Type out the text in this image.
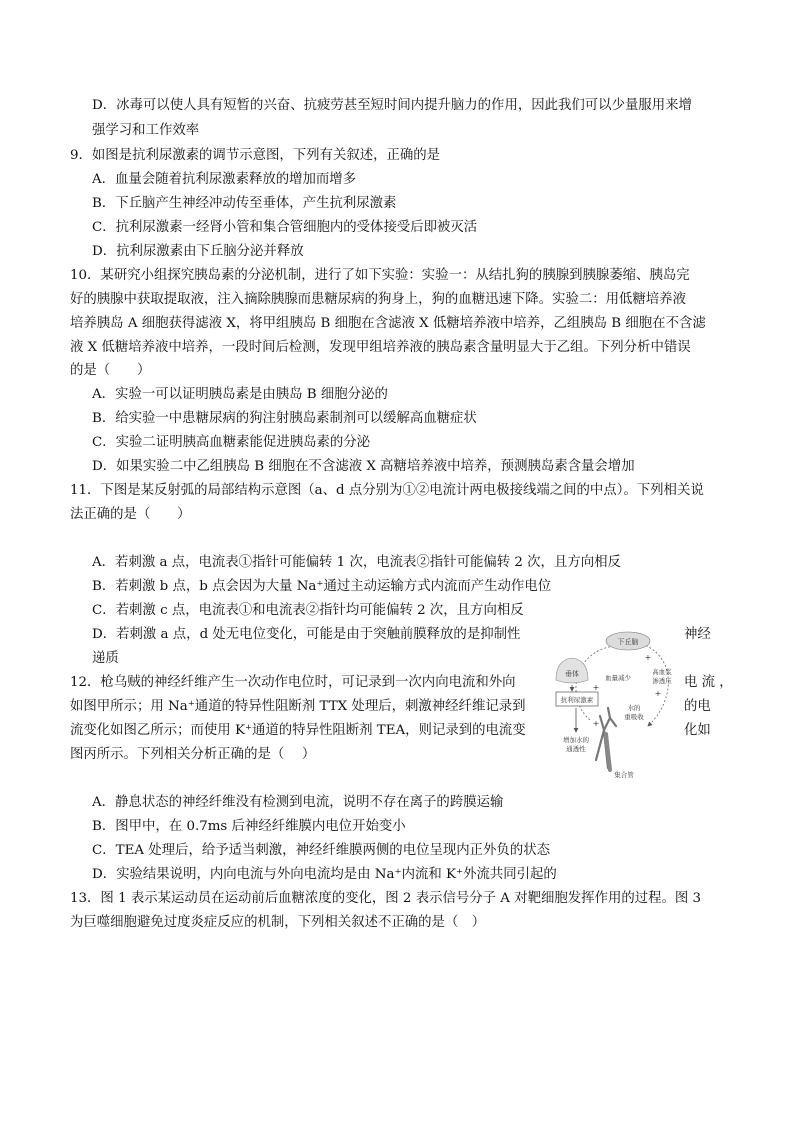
D．冰毒可以使人具有短暂的兴奋、抗疲劳甚至短时间内提升脑力的作用，因此我们可以少量服用来增

强学习和工作效率

9．如图是抗利尿激素的调节示意图，下列有关叙述，正确的是

A．血量会随着抗利尿激素释放的增加而增多

B．下丘脑产生神经冲动传至垂体，产生抗利尿激素

C．抗利尿激素一经肾小管和集合管细胞内的受体接受后即被灭活

D．抗利尿激素由下丘脑分泌并释放

10．某研究小组探究胰岛素的分泌机制，进行了如下实验：实验一：从结扎狗的胰腺到胰腺萎缩、胰岛完

好的胰腺中获取提取液，注入摘除胰腺而患糖尿病的狗身上，狗的血糖迅速下降。实验二：用低糖培养液

培养胰岛 A 细胞获得滤液 X，将甲组胰岛 B 细胞在含滤液 X 低糖培养液中培养，乙组胰岛 B 细胞在不含滤

液 X 低糖培养液中培养，一段时间后检测，发现甲组培养液的胰岛素含量明显大于乙组。下列分析中错误

的是（　　）

A．实验一可以证明胰岛素是由胰岛 B 细胞分泌的

B．给实验一中患糖尿病的狗注射胰岛素制剂可以缓解高血糖症状

C．实验二证明胰高血糖素能促进胰岛素的分泌

D．如果实验二中乙组胰岛 B 细胞在不含滤液 X 高糖培养液中培养，预测胰岛素含量会增加

11．下图是某反射弧的局部结构示意图（a、d 点分别为①②电流计两电极接线端之间的中点）。下列相关说

法正确的是（　　）

A．若刺激 a 点，电流表①指针可能偏转 1 次，电流表②指针可能偏转 2 次，且方向相反

B．若刺激 b 点，b 点会因为大量 Na⁺通过主动运输方式内流而产生动作电位

C．若刺激 c 点，电流表①和电流表②指针均可能偏转 2 次，且方向相反

D．若刺激 a 点，d 处无电位变化，可能是由于突触前膜释放的是抑制性	神经

递质

12．枪乌贼的神经纤维产生一次动作电位时，可记录到一次内向电流和外向	电 流 ，

如图甲所示；用 Na⁺通道的特异性阻断剂 TTX 处理后，刺激神经纤维记录到	的电

流变化如图乙所示；而使用 K⁺通道的特异性阻断剂 TEA，则记录到的电流变	化如

图丙所示。下列相关分析正确的是（　 ）

A．静息状态的神经纤维没有检测到电流，说明不存在离子的跨膜运输

B．图甲中，在 0.7ms 后神经纤维膜内电位开始变小

C．TEA 处理后，给予适当刺激，神经纤维膜两侧的电位呈现内正外负的状态

D．实验结果说明，内向电流与外向电流均是由 Na⁺内流和 K⁺外流共同引起的

13．图 1 表示某运动员在运动前后血糖浓度的变化，图 2 表示信号分子 A 对靶细胞发挥作用的过程。图 3

为巨噬细胞避免过度炎症反应的机制，下列相关叙述不正确的是（　）

下丘脑
垂体
抗利尿激素
血量减少
高血浆
渗透压
水的
重吸收
增加水的
通透性
+
+
+
+
集合管
